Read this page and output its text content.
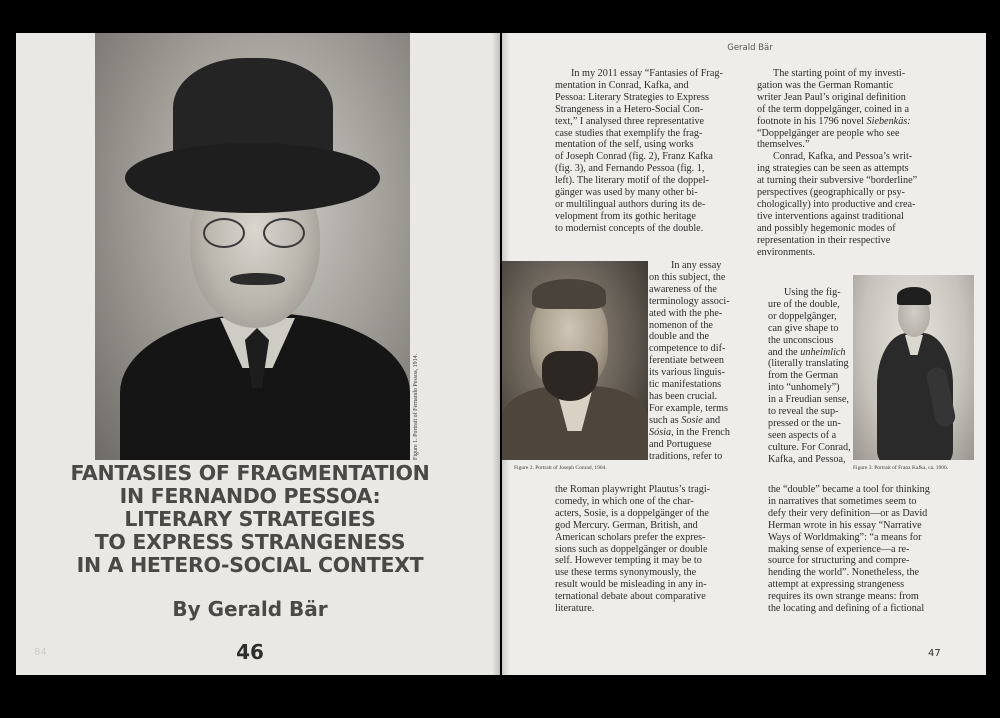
Figure 1. Portrait of Fernando Pessoa, 1914.
FANTASIES OF FRAGMENTATION
IN FERNANDO PESSOA:
LITERARY STRATEGIES
TO EXPRESS STRANGENESS
IN A HETERO-SOCIAL CONTEXT
By Gerald Bär
46
84
Gerald Bär

In my 2011 essay “Fantasies of Frag-

mentation in Conrad, Kafka, and

Pessoa: Literary Strategies to Express

Strangeness in a Hetero-Social Con-

text,” I analysed three representative

case studies that exemplify the frag-

mentation of the self, using works

of Joseph Conrad (fig. 2), Franz Kafka

(fig. 3), and Fernando Pessoa (fig. 1,

left). The literary motif of the doppel-

gänger was used by many other bi-

or multilingual authors during its de-

velopment from its gothic heritage

to modernist concepts of the double.

Figure 2. Portrait of Joseph Conrad, 1904.

In any essay

on this subject, the

awareness of the

terminology associ-

ated with the phe-

nomenon of the

double and the

competence to dif-

ferentiate between

its various linguis-

tic manifestations

has been crucial.

For example, terms

such as Sosie and

Sósia, in the French

and Portuguese

traditions, refer to

the Roman playwright Plautus’s tragi-

comedy, in which one of the char-

acters, Sosie, is a doppelgänger of the

god Mercury. German, British, and

American scholars prefer the expres-

sions such as doppelgänger or double

self. However tempting it may be to

use these terms synonymously, the

result would be misleading in any in-

ternational debate about comparative

literature.

The starting point of my investi-

gation was the German Romantic

writer Jean Paul’s original definition

of the term doppelgänger, coined in a

footnote in his 1796 novel Siebenkäs:

“Doppelgänger are people who see

themselves.”

Conrad, Kafka, and Pessoa’s writ-

ing strategies can be seen as attempts

at turning their subversive “borderline”

perspectives (geographically or psy-

chologically) into productive and crea-

tive interventions against traditional

and possibly hegemonic modes of

representation in their respective

environments.

Using the fig-

ure of the double,

or doppelgänger,

can give shape to

the unconscious

and the unheimlich

(literally translating

from the German

into “unhomely”)

in a Freudian sense,

to reveal the sup-

pressed or the un-

seen aspects of a

culture. For Conrad,

Kafka, and Pessoa,

Figure 3. Portrait of Franz Kafka, ca. 1906.

the “double” became a tool for thinking

in narratives that sometimes seem to

defy their very definition—or as David

Herman wrote in his essay “Narrative

Ways of Worldmaking”: “a means for

making sense of experience—a re-

source for structuring and compre-

hending the world”. Nonetheless, the

attempt at expressing strangeness

requires its own strange means: from

the locating and defining of a fictional

47
